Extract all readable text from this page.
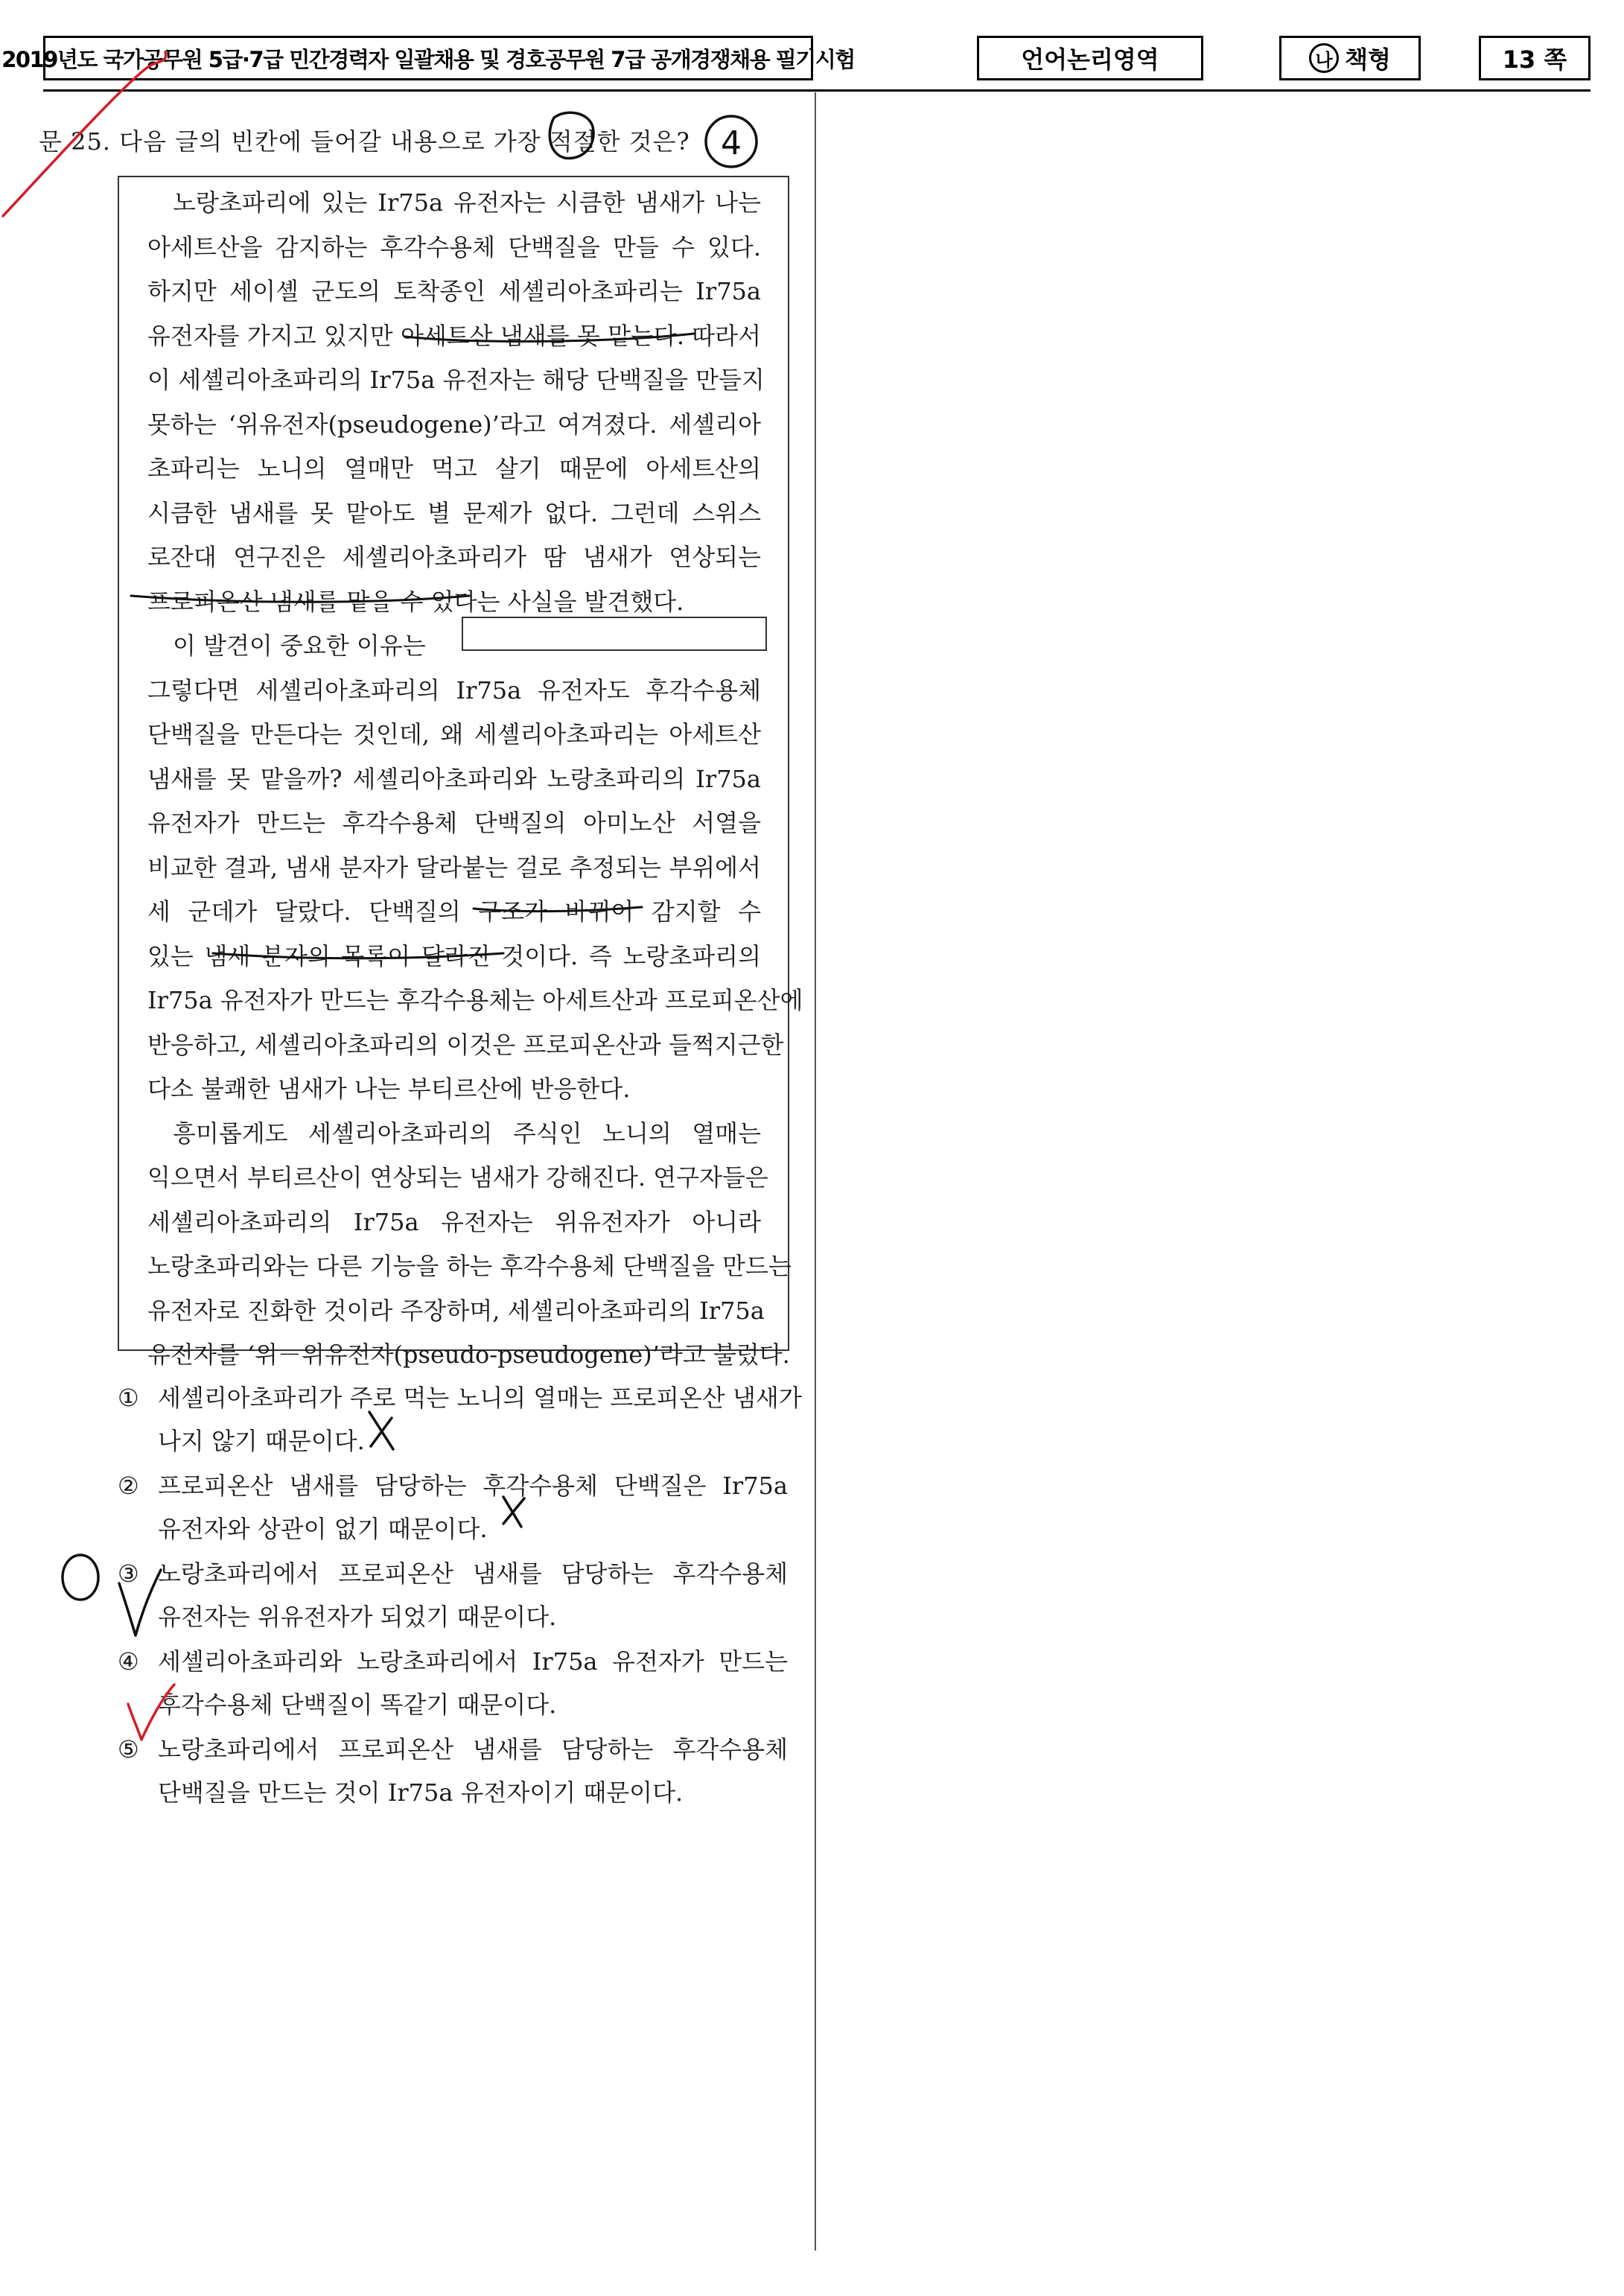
2019년도 국가공무원 5급·7급 민간경력자 일괄채용 및 경호공무원 7급 공개경쟁채용 필기시험	언어논리영역	나 책형	13 쪽
문 25. 다음 글의 빈칸에 들어갈 내용으로 가장 적절한 것은?
노랑초파리에 있는 Ir75a 유전자는 시큼한 냄새가 나는
아세트산을 감지하는 후각수용체 단백질을 만들 수 있다.
하지만 세이셸 군도의 토착종인 세셸리아초파리는 Ir75a
유전자를 가지고 있지만 아세트산 냄새를 못 맡는다. 따라서
이 세셸리아초파리의 Ir75a 유전자는 해당 단백질을 만들지
못하는 ‘위유전자(pseudogene)’라고 여겨졌다. 세셸리아
초파리는 노니의 열매만 먹고 살기 때문에 아세트산의
시큼한 냄새를 못 맡아도 별 문제가 없다. 그런데 스위스
로잔대 연구진은 세셸리아초파리가 땀 냄새가 연상되는
프로피온산 냄새를 맡을 수 있다는 사실을 발견했다.
이 발견이 중요한 이유는
그렇다면 세셸리아초파리의 Ir75a 유전자도 후각수용체
단백질을 만든다는 것인데, 왜 세셸리아초파리는 아세트산
냄새를 못 맡을까? 세셸리아초파리와 노랑초파리의 Ir75a
유전자가 만드는 후각수용체 단백질의 아미노산 서열을
비교한 결과, 냄새 분자가 달라붙는 걸로 추정되는 부위에서
세 군데가 달랐다. 단백질의 구조가 바뀌어 감지할 수
있는 냄새 분자의 목록이 달라진 것이다. 즉 노랑초파리의
Ir75a 유전자가 만드는 후각수용체는 아세트산과 프로피온산에
반응하고, 세셸리아초파리의 이것은 프로피온산과 들쩍지근한
다소 불쾌한 냄새가 나는 부티르산에 반응한다.
흥미롭게도 세셸리아초파리의 주식인 노니의 열매는
익으면서 부티르산이 연상되는 냄새가 강해진다. 연구자들은
세셸리아초파리의 Ir75a 유전자는 위유전자가 아니라
노랑초파리와는 다른 기능을 하는 후각수용체 단백질을 만드는
유전자로 진화한 것이라 주장하며, 세셸리아초파리의 Ir75a
유전자를 ‘위－위유전자(pseudo-pseudogene)’라고 불렀다.
① 세셸리아초파리가 주로 먹는 노니의 열매는 프로피온산 냄새가
나지 않기 때문이다.
② 프로피온산 냄새를 담당하는 후각수용체 단백질은 Ir75a
유전자와 상관이 없기 때문이다.
③ 노랑초파리에서 프로피온산 냄새를 담당하는 후각수용체
유전자는 위유전자가 되었기 때문이다.
④ 세셸리아초파리와 노랑초파리에서 Ir75a 유전자가 만드는
후각수용체 단백질이 똑같기 때문이다.
⑤ 노랑초파리에서 프로피온산 냄새를 담당하는 후각수용체
단백질을 만드는 것이 Ir75a 유전자이기 때문이다.
4
